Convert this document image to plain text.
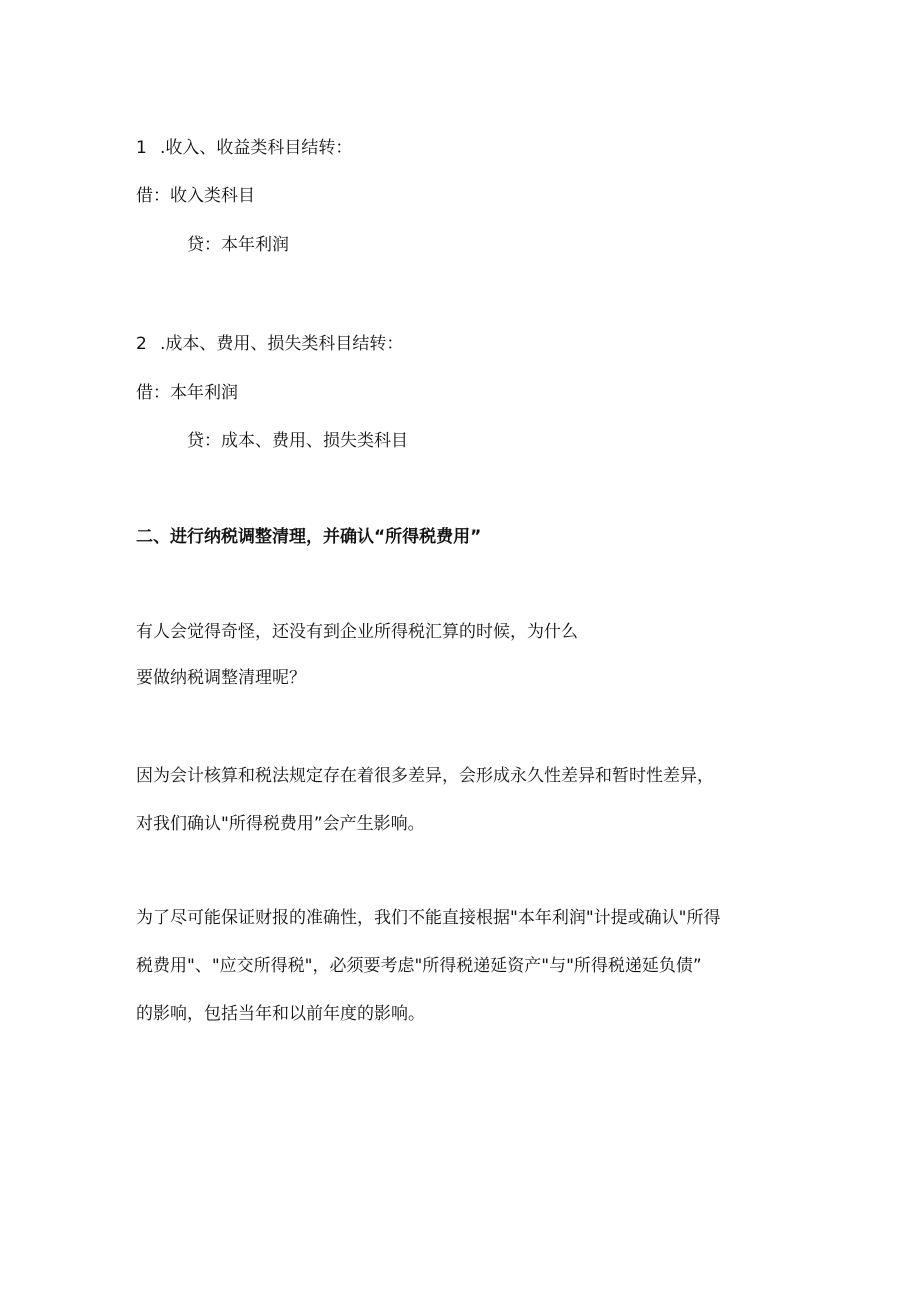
1 .收入、收益类科目结转：
借：收入类科目
贷：本年利润
2 .成本、费用、损失类科目结转：
借：本年利润
贷：成本、费用、损失类科目
二、进行纳税调整清理，并确认“所得税费用”
有人会觉得奇怪，还没有到企业所得税汇算的时候，为什么
要做纳税调整清理呢？
因为会计核算和税法规定存在着很多差异，会形成永久性差异和暂时性差异，
对我们确认"所得税费用”会产生影响。
为了尽可能保证财报的准确性，我们不能直接根据"本年利润"计提或确认"所得
税费用"、"应交所得税"，必须要考虑"所得税递延资产"与"所得税递延负债”
的影响，包括当年和以前年度的影响。
